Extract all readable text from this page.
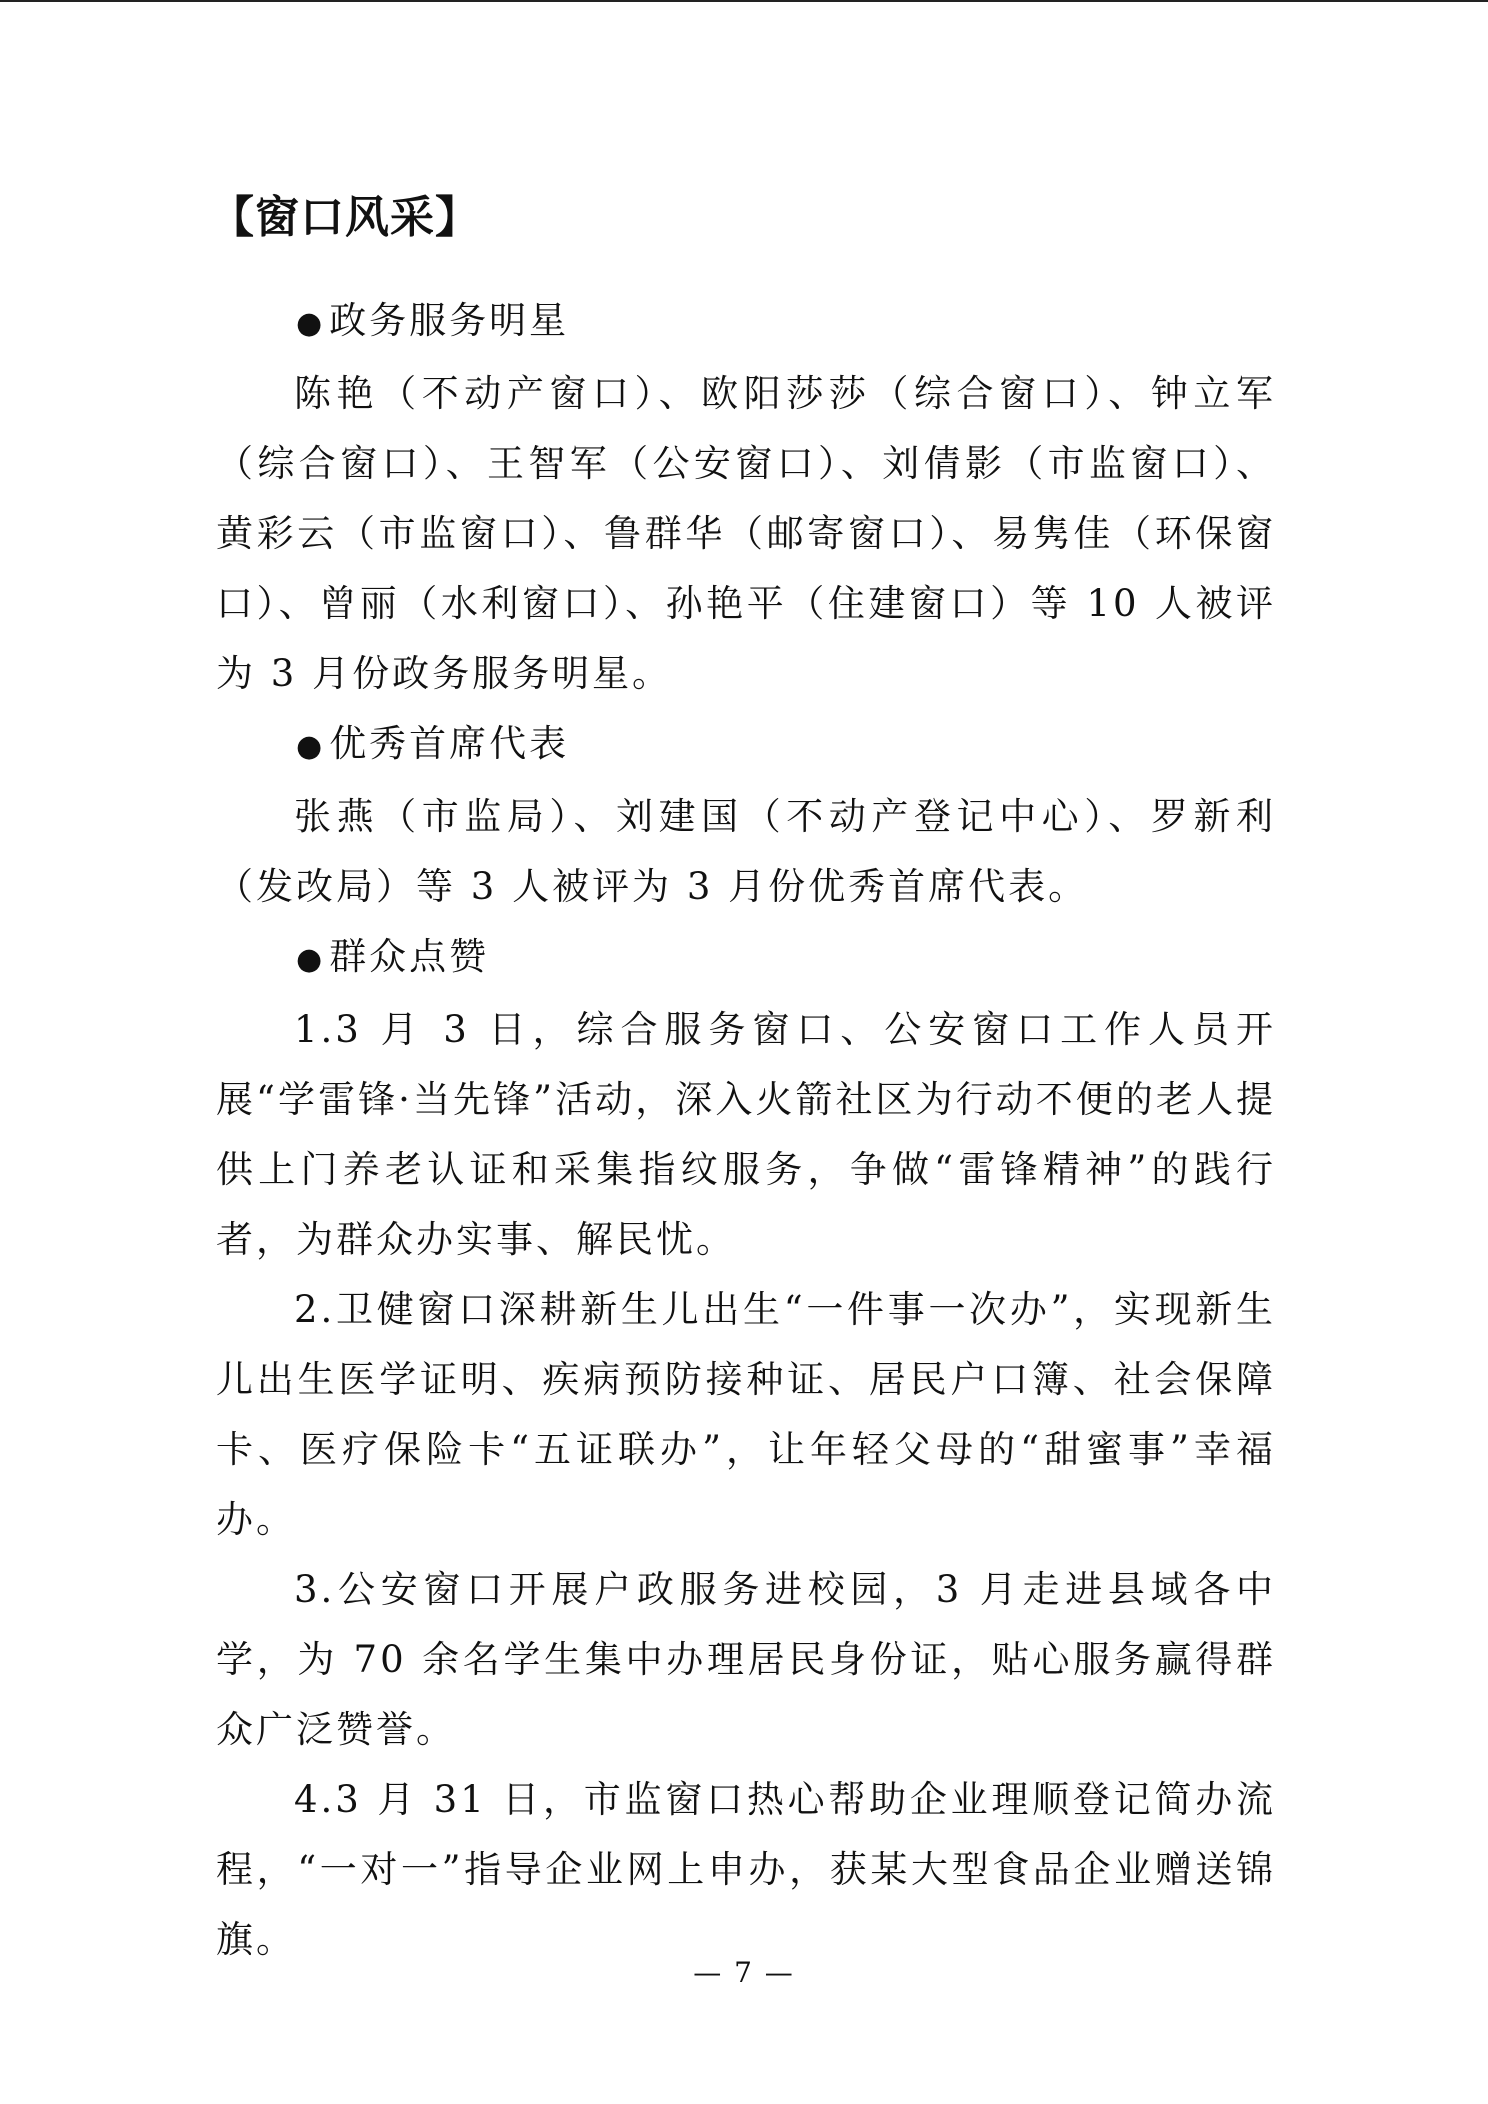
【窗口风采】

● 政务服务明星

陈艳（不动产窗口）、欧阳莎莎（综合窗口）、钟立军（综合窗口）、王智军（公安窗口）、刘倩影（市监窗口）、黄彩云（市监窗口）、鲁群华（邮寄窗口）、易隽佳（环保窗口）、曾丽（水利窗口）、孙艳平（住建窗口）等 10 人被评为 3 月份政务服务明星。

● 优秀首席代表

张燕（市监局）、刘建国（不动产登记中心）、罗新利（发改局）等 3 人被评为 3 月份优秀首席代表。

● 群众点赞

1.3 月 3 日，综合服务窗口、公安窗口工作人员开展“学雷锋·当先锋”活动，深入火箭社区为行动不便的老人提供上门养老认证和采集指纹服务，争做“雷锋精神”的践行者，为群众办实事、解民忧。

2.卫健窗口深耕新生儿出生“一件事一次办”，实现新生儿出生医学证明、疾病预防接种证、居民户口簿、社会保障卡、医疗保险卡“五证联办”，让年轻父母的“甜蜜事”幸福办。

3.公安窗口开展户政服务进校园，3 月走进县域各中学，为 70 余名学生集中办理居民身份证，贴心服务赢得群众广泛赞誉。

4.3 月 31 日，市监窗口热心帮助企业理顺登记简办流程，“一对一”指导企业网上申办，获某大型食品企业赠送锦旗。

— 7 —
